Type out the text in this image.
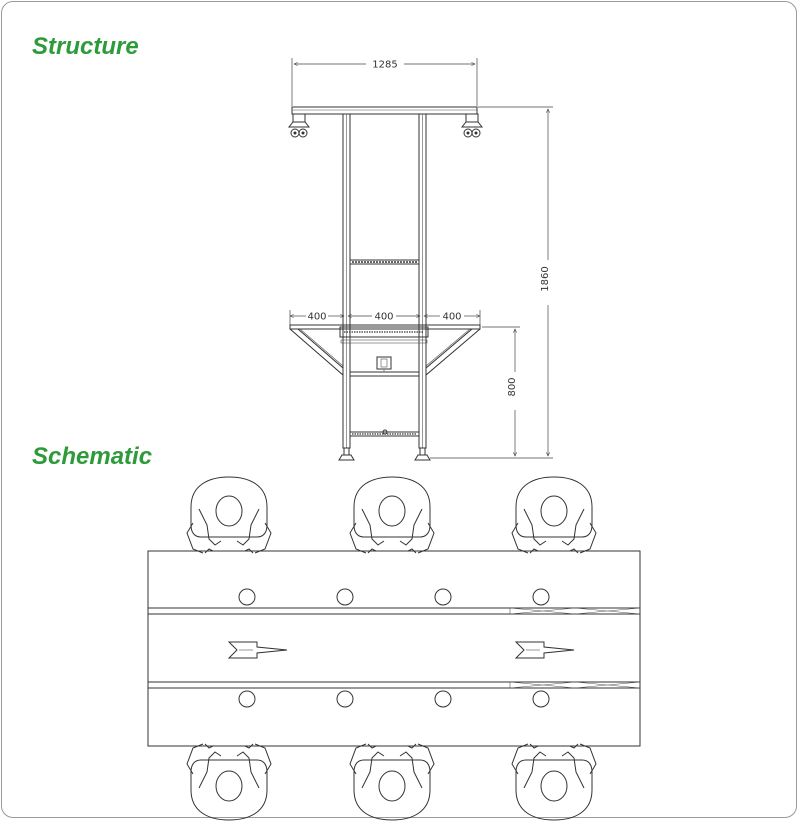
Structure
Schematic
1285
400	400	400
1860
800
